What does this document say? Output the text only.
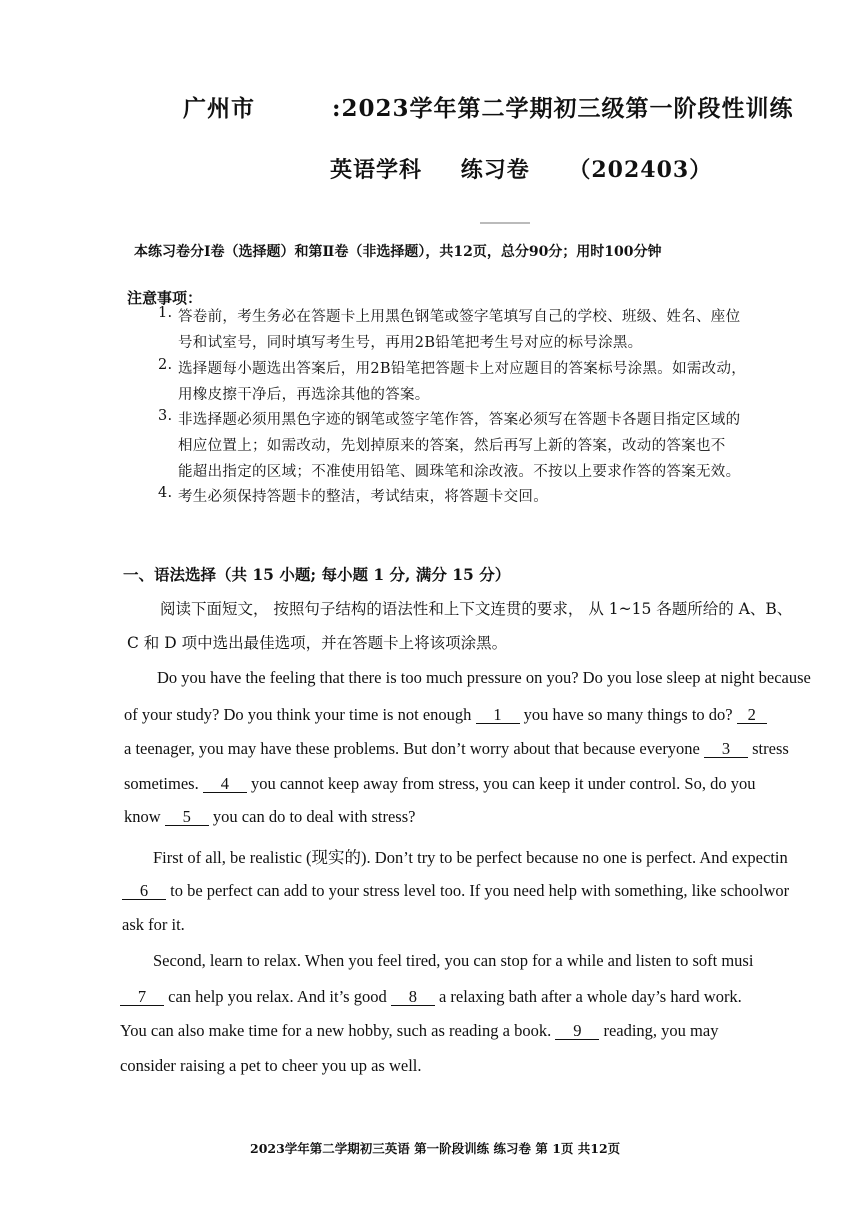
广州市	:2023学年第二学期初三级第一阶段性训练
英语学科 练习卷 （202403）
本练习卷分Ⅰ卷（选择题）和第Ⅱ卷（非选择题），共12页，总分90分；用时100分钟
注意事项：
1. 答卷前，考生务必在答题卡上用黑色钢笔或签字笔填写自己的学校、班级、姓名、座位
号和试室号，同时填写考生号，再用2B铅笔把考生号对应的标号涂黑。
2. 选择题每小题选出答案后，用2B铅笔把答题卡上对应题目的答案标号涂黑。如需改动，
用橡皮擦干净后，再选涂其他的答案。
3. 非选择题必须用黑色字迹的钢笔或签字笔作答，答案必须写在答题卡各题目指定区域的
相应位置上；如需改动，先划掉原来的答案，然后再写上新的答案，改动的答案也不
能超出指定的区域；不准使用铅笔、圆珠笔和涂改液。不按以上要求作答的答案无效。
4. 考生必须保持答题卡的整洁，考试结束，将答题卡交回。
一、语法选择（共 15 小题; 每小题 1 分, 满分 15 分）
阅读下面短文， 按照句子结构的语法性和上下文连贯的要求， 从 1~15 各题所给的 A、B、
C 和 D 项中选出最佳选项，并在答题卡上将该项涂黑。
Do you have the feeling that there is too much pressure on you? Do you lose sleep at night because
of your study? Do you think your time is not enough 1 you have so many things to do? 2
a teenager, you may have these problems. But don’t worry about that because everyone 3 stress
sometimes. 4 you cannot keep away from stress, you can keep it under control. So, do you
know 5 you can do to deal with stress?
First of all, be realistic (现实的). Don’t try to be perfect because no one is perfect. And expectin
6 to be perfect can add to your stress level too. If you need help with something, like schoolwor
ask for it.
Second, learn to relax. When you feel tired, you can stop for a while and listen to soft musi
7 can help you relax. And it’s good 8 a relaxing bath after a whole day’s hard work.
You can also make time for a new hobby, such as reading a book. 9 reading, you may
consider raising a pet to cheer you up as well.
2023学年第二学期初三英语 第一阶段训练 练习卷 第 1页 共12页
